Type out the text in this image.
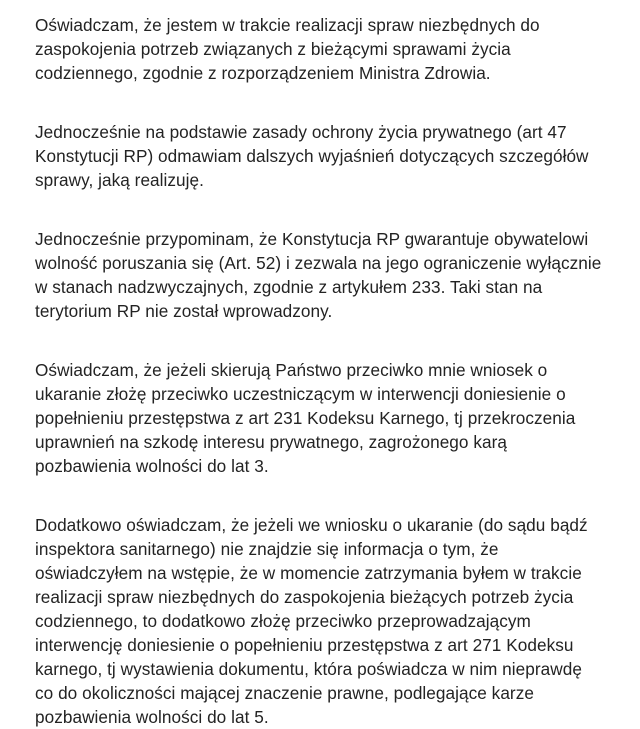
Oświadczam, że jestem w trakcie realizacji spraw niezbędnych do
zaspokojenia potrzeb związanych z bieżącymi sprawami życia
codziennego, zgodnie z rozporządzeniem Ministra Zdrowia.
Jednocześnie na podstawie zasady ochrony życia prywatnego (art 47
Konstytucji RP) odmawiam dalszych wyjaśnień dotyczących szczegółów
sprawy, jaką realizuję.
Jednocześnie przypominam, że Konstytucja RP gwarantuje obywatelowi
wolność poruszania się (Art. 52) i zezwala na jego ograniczenie wyłącznie
w stanach nadzwyczajnych, zgodnie z artykułem 233. Taki stan na
terytorium RP nie został wprowadzony.
Oświadczam, że jeżeli skierują Państwo przeciwko mnie wniosek o
ukaranie złożę przeciwko uczestniczącym w interwencji doniesienie o
popełnieniu przestępstwa z art 231 Kodeksu Karnego, tj przekroczenia
uprawnień na szkodę interesu prywatnego, zagrożonego karą
pozbawienia wolności do lat 3.
Dodatkowo oświadczam, że jeżeli we wniosku o ukaranie (do sądu bądź
inspektora sanitarnego) nie znajdzie się informacja o tym, że
oświadczyłem na wstępie, że w momencie zatrzymania byłem w trakcie
realizacji spraw niezbędnych do zaspokojenia bieżących potrzeb życia
codziennego, to dodatkowo złożę przeciwko przeprowadzającym
interwencję doniesienie o popełnieniu przestępstwa z art 271 Kodeksu
karnego, tj wystawienia dokumentu, która poświadcza w nim nieprawdę
co do okoliczności mającej znaczenie prawne, podlegające karze
pozbawienia wolności do lat 5.
